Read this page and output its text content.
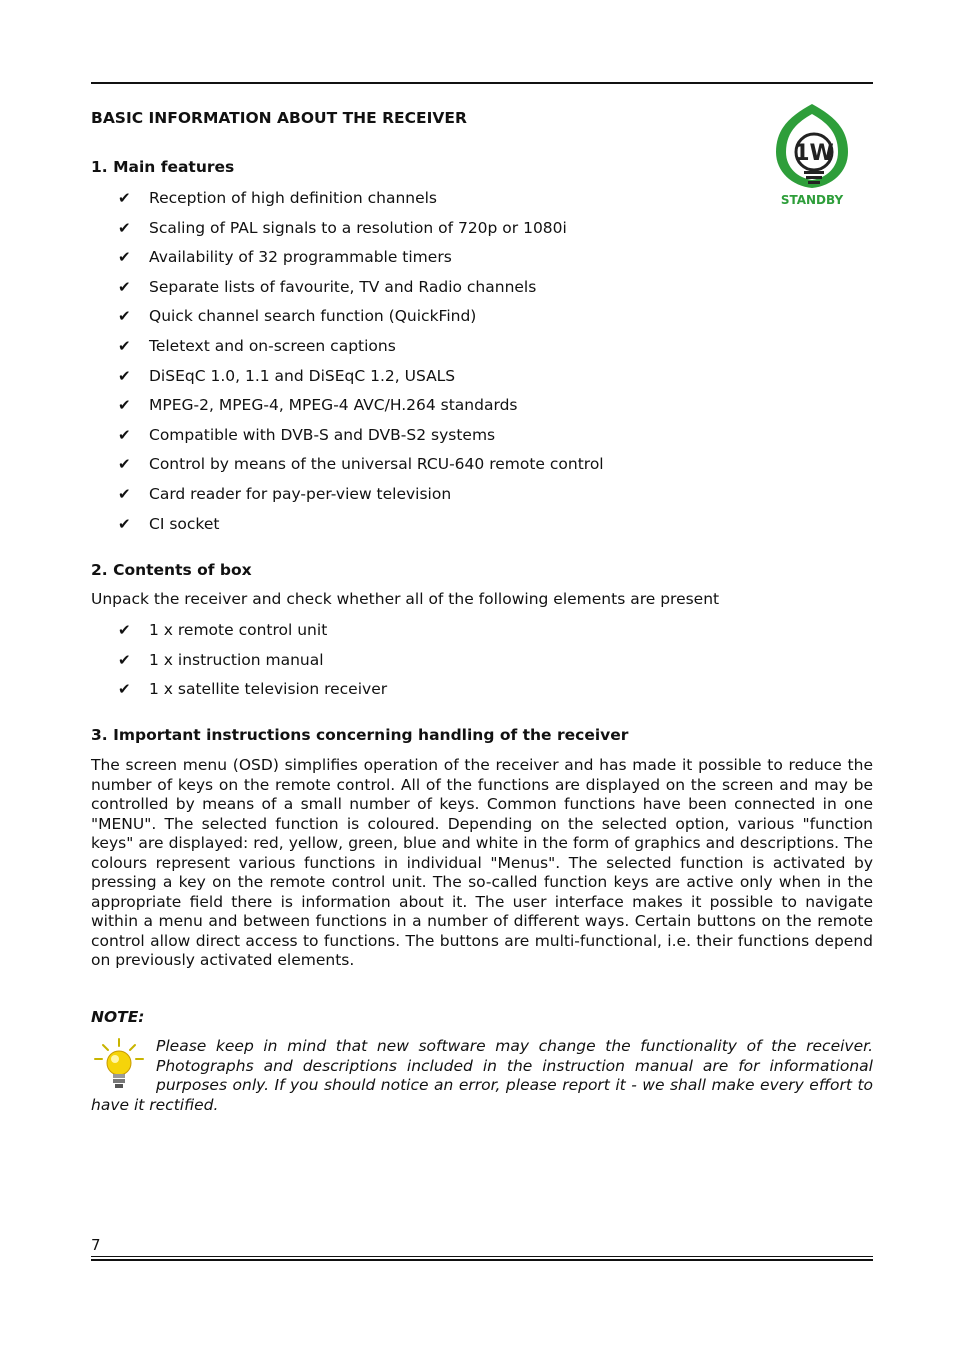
BASIC INFORMATION ABOUT THE RECEIVER
1W
STANDBY
1. Main features
✔	Reception of high definition channels
✔	Scaling of PAL signals to a resolution of 720p or 1080i
✔	Availability of 32 programmable timers
✔	Separate lists of favourite, TV and Radio channels
✔	Quick channel search function (QuickFind)
✔	Teletext and on-screen captions
✔	DiSEqC 1.0, 1.1 and DiSEqC 1.2, USALS
✔	MPEG-2, MPEG-4, MPEG-4 AVC/H.264 standards
✔	Compatible with DVB-S and DVB-S2 systems
✔	Control by means of the universal RCU-640 remote control
✔	Card reader for pay-per-view television
✔	CI socket
2. Contents of box
Unpack the receiver and check whether all of the following elements are present
✔	1 x remote control unit
✔	1 x instruction manual
✔	1 x satellite television receiver
3. Important instructions concerning handling of the receiver
The screen menu (OSD) simplifies operation of the receiver and has made it possible to reduce the number of keys on the remote control. All of the functions are displayed on the screen and may be controlled by means of a small number of keys. Common functions have been connected in one "MENU". The selected function is coloured. Depending on the selected option, various "function keys" are displayed: red, yellow, green, blue and white in the form of graphics and descriptions. The colours represent various functions in individual "Menus". The selected function is activated by pressing a key on the remote control unit. The so-called function keys are active only when in the appropriate field there is information about it. The user interface makes it possible to navigate within a menu and between functions in a number of different ways. Certain buttons on the remote control allow direct access to functions. The buttons are multi-functional, i.e. their functions depend on previously activated elements.
NOTE:
Please keep in mind that new software may change the functionality of the receiver. Photographs and descriptions included in the instruction manual are for informational purposes only. If you should notice an error, please report it - we shall make every effort to have it rectified.
7
